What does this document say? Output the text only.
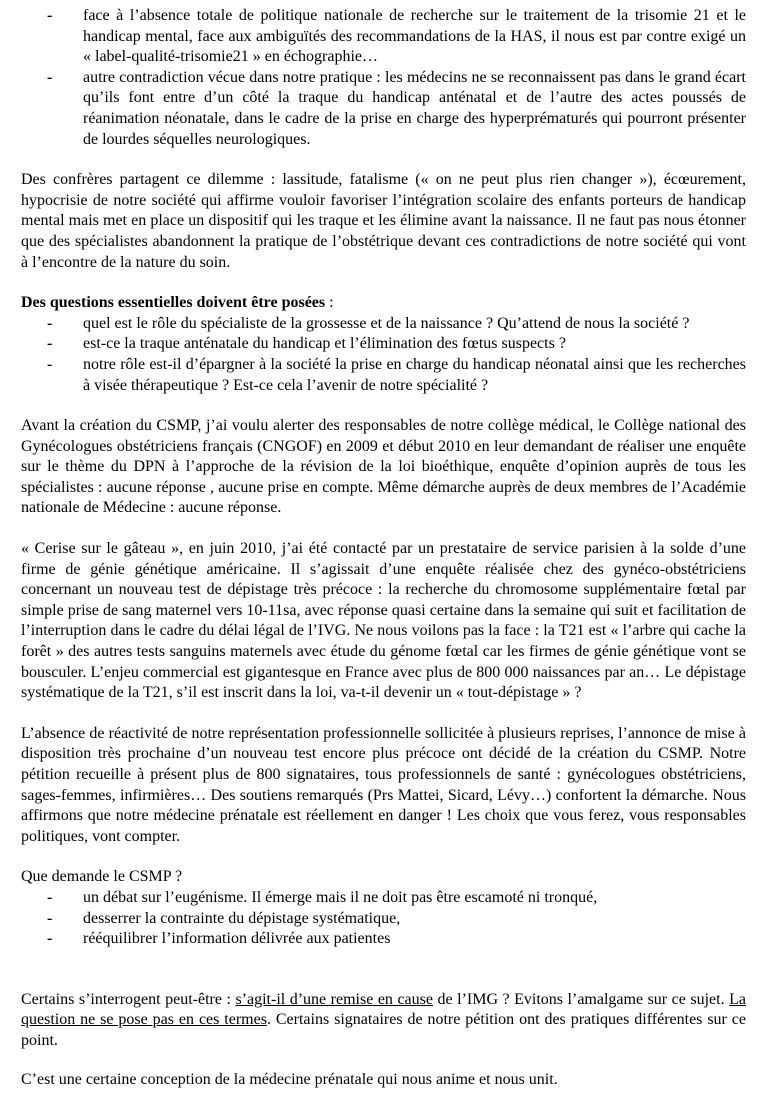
- face à l’absence totale de politique nationale de recherche sur le traitement de la trisomie 21 et le handicap mental, face aux ambiguïtés des recommandations de la HAS, il nous est par contre exigé un « label-qualité-trisomie21 » en échographie…
- autre contradiction vécue dans notre pratique : les médecins ne se reconnaissent pas dans le grand écart qu’ils font entre d’un côté la traque du handicap anténatal et de l’autre des actes poussés de réanimation néonatale, dans le cadre de la prise en charge des hyperprématurés qui pourront présenter de lourdes séquelles neurologiques.

Des confrères partagent ce dilemme : lassitude, fatalisme (« on ne peut plus rien changer »), écœurement, hypocrisie de notre société qui affirme vouloir favoriser l’intégration scolaire des enfants porteurs de handicap mental mais met en place un dispositif qui les traque et les élimine avant la naissance. Il ne faut pas nous étonner que des spécialistes abandonnent la pratique de l’obstétrique devant ces contradictions de notre société qui vont à l’encontre de la nature du soin.

Des questions essentielles doivent être posées :

- quel est le rôle du spécialiste de la grossesse et de la naissance ? Qu’attend de nous la société ?
- est-ce la traque anténatale du handicap et l’élimination des fœtus suspects ?
- notre rôle est-il d’épargner à la société la prise en charge du handicap néonatal ainsi que les recherches à visée thérapeutique ? Est-ce cela l’avenir de notre spécialité ?

Avant la création du CSMP, j’ai voulu alerter des responsables de notre collège médical, le Collège national des Gynécologues obstétriciens français (CNGOF) en 2009 et début 2010 en leur demandant de réaliser une enquête sur le thème du DPN à l’approche de la révision de la loi bioéthique, enquête d’opinion auprès de tous les spécialistes : aucune réponse , aucune prise en compte. Même démarche auprès de deux membres de l’Académie nationale de Médecine : aucune réponse.

« Cerise sur le gâteau », en juin 2010, j’ai été contacté par un prestataire de service parisien à la solde d’une firme de génie génétique américaine. Il s’agissait d’une enquête réalisée chez des gynéco-obstétriciens concernant un nouveau test de dépistage très précoce : la recherche du chromosome supplémentaire fœtal par simple prise de sang maternel vers 10-11sa, avec réponse quasi certaine dans la semaine qui suit et facilitation de l’interruption dans le cadre du délai légal de l’IVG. Ne nous voilons pas la face : la T21 est « l’arbre qui cache la forêt » des autres tests sanguins maternels avec étude du génome fœtal car les firmes de génie génétique vont se bousculer. L’enjeu commercial est gigantesque en France avec plus de 800 000 naissances par an… Le dépistage systématique de la T21, s’il est inscrit dans la loi, va-t-il devenir un « tout-dépistage » ?

L’absence de réactivité de notre représentation professionnelle sollicitée à plusieurs reprises, l’annonce de mise à disposition très prochaine d’un nouveau test encore plus précoce ont décidé de la création du CSMP. Notre pétition recueille à présent plus de 800 signataires, tous professionnels de santé : gynécologues obstétriciens, sages-femmes, infirmières… Des soutiens remarqués (Prs Mattei, Sicard, Lévy…) confortent la démarche. Nous affirmons que notre médecine prénatale est réellement en danger ! Les choix que vous ferez, vous responsables politiques, vont compter.

Que demande le CSMP ?

- un débat sur l’eugénisme. Il émerge mais il ne doit pas être escamoté ni tronqué,
- desserrer la contrainte du dépistage systématique,
- rééquilibrer l’information délivrée aux patientes

Certains s’interrogent peut-être : s’agit-il d’une remise en cause de l’IMG ? Evitons l’amalgame sur ce sujet. La question ne se pose pas en ces termes. Certains signataires de notre pétition ont des pratiques différentes sur ce point.

C’est une certaine conception de la médecine prénatale qui nous anime et nous unit.
